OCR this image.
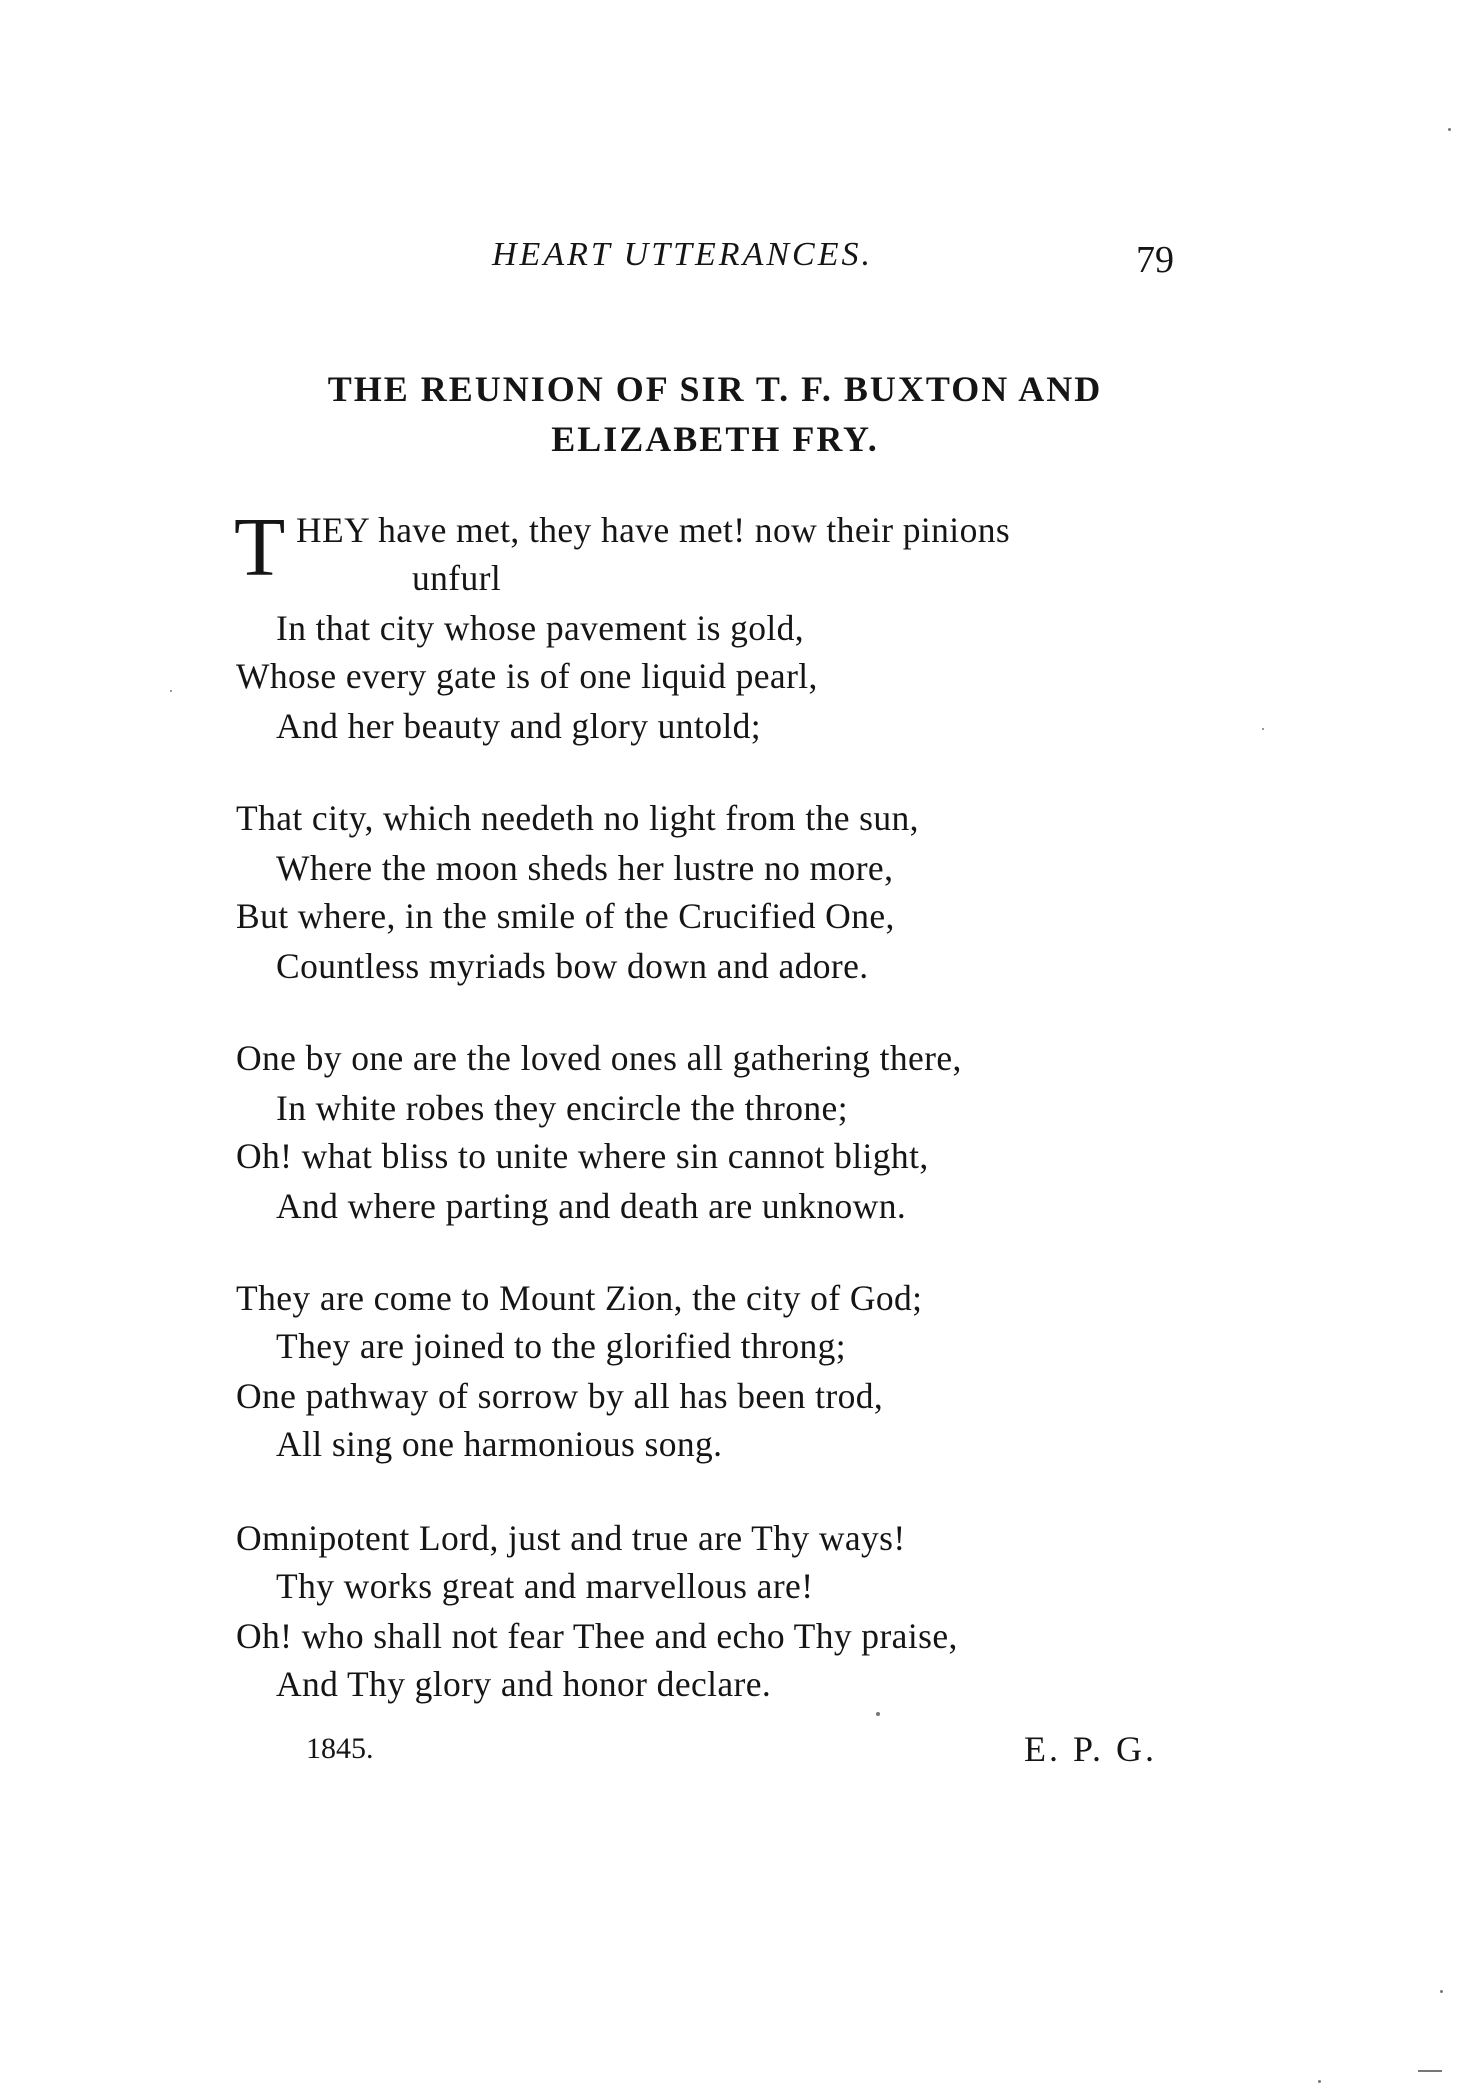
HEART UTTERANCES.	79
THE REUNION OF SIR T. F. BUXTON AND
ELIZABETH FRY.
T HEY have met, they have met! now their pinions
unfurl
In that city whose pavement is gold,
Whose every gate is of one liquid pearl,
And her beauty and glory untold;
That city, which needeth no light from the sun,
Where the moon sheds her lustre no more,
But where, in the smile of the Crucified One,
Countless myriads bow down and adore.
One by one are the loved ones all gathering there,
In white robes they encircle the throne;
Oh! what bliss to unite where sin cannot blight,
And where parting and death are unknown.
They are come to Mount Zion, the city of God;
They are joined to the glorified throng;
One pathway of sorrow by all has been trod,
All sing one harmonious song.
Omnipotent Lord, just and true are Thy ways!
Thy works great and marvellous are!
Oh! who shall not fear Thee and echo Thy praise,
And Thy glory and honor declare.
1845.	E. P. G.
